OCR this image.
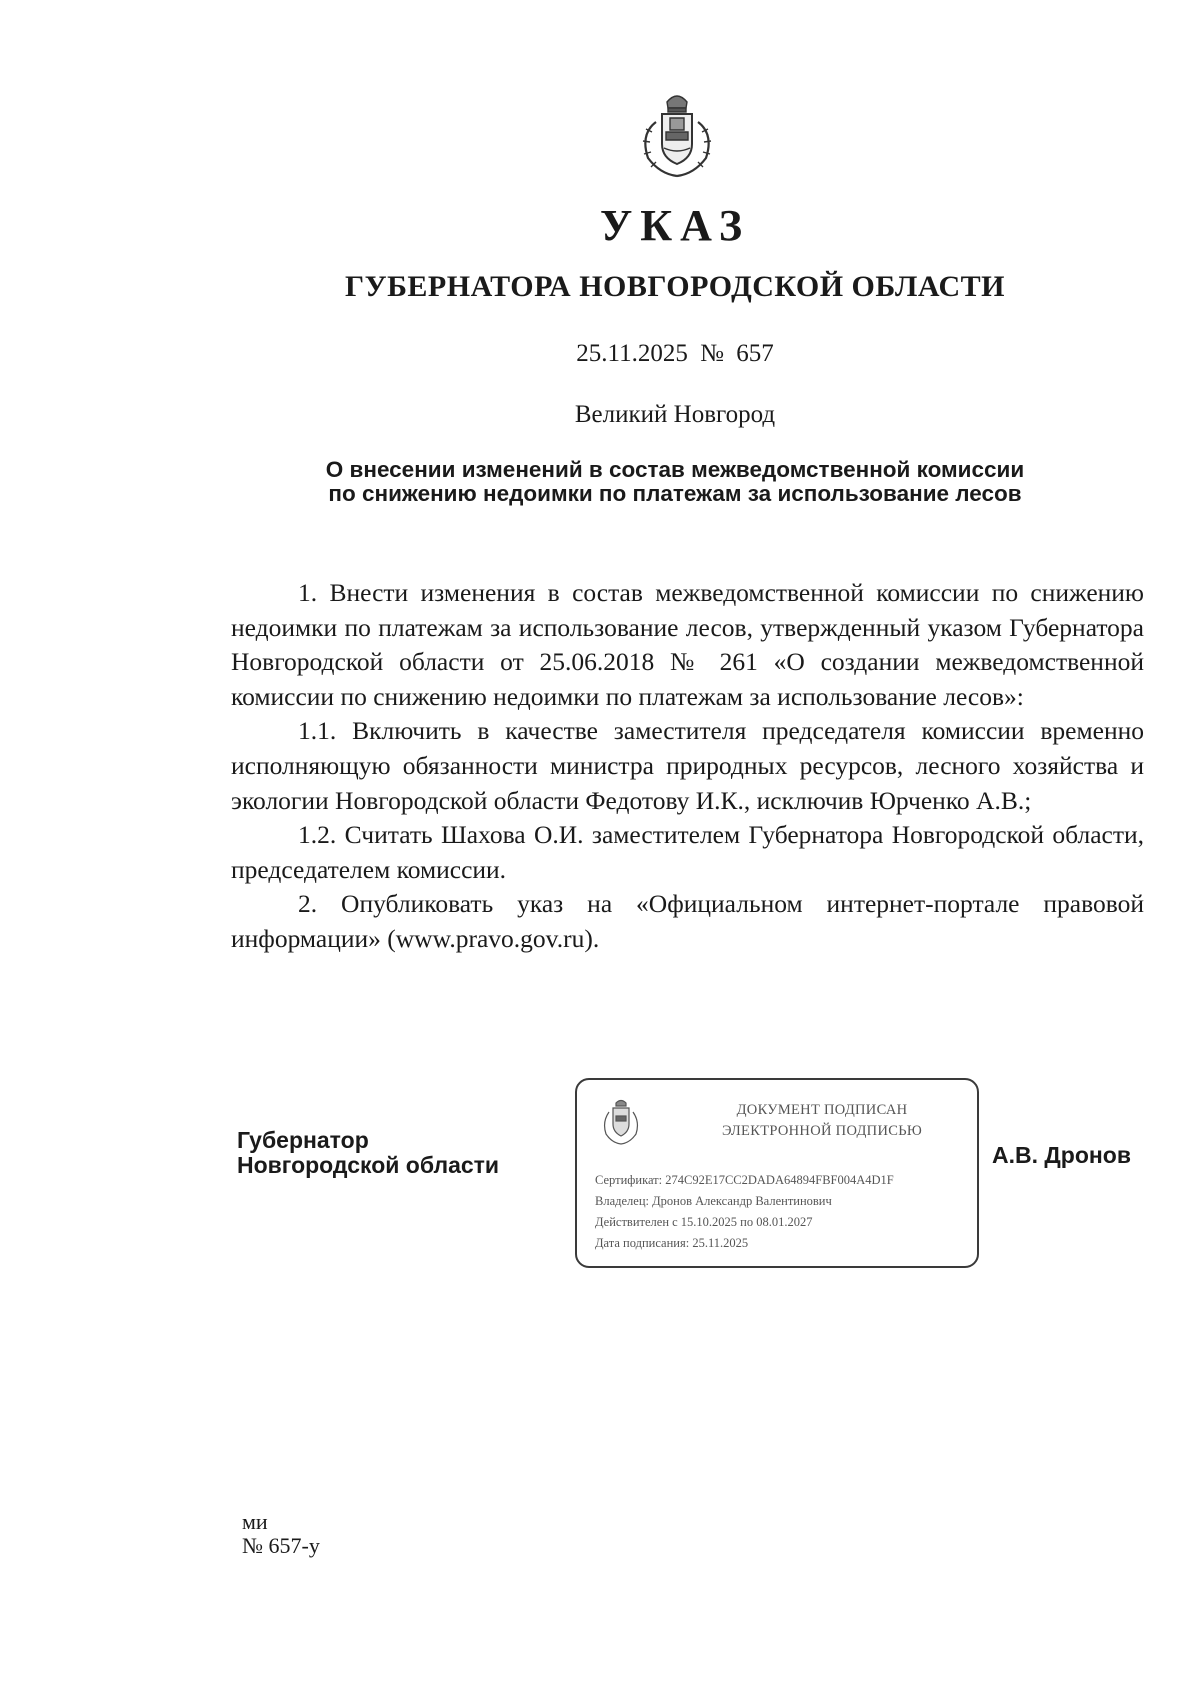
УКАЗ
ГУБЕРНАТОРА НОВГОРОДСКОЙ ОБЛАСТИ
25.11.2025 № 657
Великий Новгород
О внесении изменений в состав межведомственной комиссии
по снижению недоимки по платежам за использование лесов

1. Внести изменения в состав межведомственной комиссии по снижению недоимки по платежам за использование лесов, утвержденный указом Губернатора Новгородской области от 25.06.2018 № 261 «О создании межведомственной комиссии по снижению недоимки по платежам за использование лесов»:

1.1. Включить в качестве заместителя председателя комиссии временно исполняющую обязанности министра природных ресурсов, лесного хозяйства и экологии Новгородской области Федотову И.К., исключив Юрченко А.В.;

1.2. Считать Шахова О.И. заместителем Губернатора Новгородской области, председателем комиссии.

2. Опубликовать указ на «Официальном интернет-портале правовой информации» (www.pravo.gov.ru).

Губернатор
Новгородской области
ДОКУМЕНТ ПОДПИСАН
ЭЛЕКТРОННОЙ ПОДПИСЬЮ
Сертификат: 274C92E17CC2DADA64894FBF004A4D1F
Владелец: Дронов Александр Валентинович
Действителен с 15.10.2025 по 08.01.2027
Дата подписания: 25.11.2025
А.В. Дронов
ми
№ 657-у
